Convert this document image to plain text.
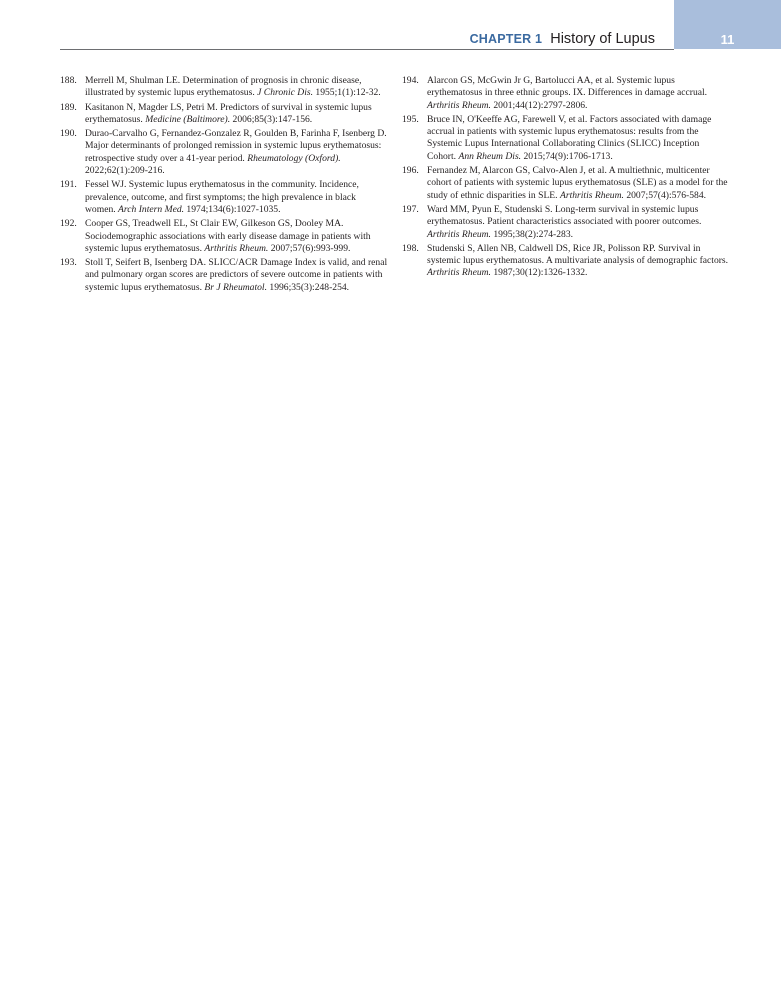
CHAPTER 1 History of Lupus	11
188. Merrell M, Shulman LE. Determination of prognosis in chronic disease, illustrated by systemic lupus erythematosus. J Chronic Dis. 1955;1(1):12-32.
189. Kasitanon N, Magder LS, Petri M. Predictors of survival in systemic lupus erythematosus. Medicine (Baltimore). 2006;85(3):147-156.
190. Durao-Carvalho G, Fernandez-Gonzalez R, Goulden B, Farinha F, Isenberg D. Major determinants of prolonged remission in systemic lupus erythematosus: retrospective study over a 41-year period. Rheumatology (Oxford). 2022;62(1):209-216.
191. Fessel WJ. Systemic lupus erythematosus in the community. Incidence, prevalence, outcome, and first symptoms; the high prevalence in black women. Arch Intern Med. 1974;134(6):1027-1035.
192. Cooper GS, Treadwell EL, St Clair EW, Gilkeson GS, Dooley MA. Sociodemographic associations with early disease damage in patients with systemic lupus erythematosus. Arthritis Rheum. 2007;57(6):993-999.
193. Stoll T, Seifert B, Isenberg DA. SLICC/ACR Damage Index is valid, and renal and pulmonary organ scores are predictors of severe outcome in patients with systemic lupus erythematosus. Br J Rheumatol. 1996;35(3):248-254.
194. Alarcon GS, McGwin Jr G, Bartolucci AA, et al. Systemic lupus erythematosus in three ethnic groups. IX. Differences in damage accrual. Arthritis Rheum. 2001;44(12):2797-2806.
195. Bruce IN, O'Keeffe AG, Farewell V, et al. Factors associated with damage accrual in patients with systemic lupus erythematosus: results from the Systemic Lupus International Collaborating Clinics (SLICC) Inception Cohort. Ann Rheum Dis. 2015;74(9):1706-1713.
196. Fernandez M, Alarcon GS, Calvo-Alen J, et al. A multiethnic, multicenter cohort of patients with systemic lupus erythematosus (SLE) as a model for the study of ethnic disparities in SLE. Arthritis Rheum. 2007;57(4):576-584.
197. Ward MM, Pyun E, Studenski S. Long-term survival in systemic lupus erythematosus. Patient characteristics associated with poorer outcomes. Arthritis Rheum. 1995;38(2):274-283.
198. Studenski S, Allen NB, Caldwell DS, Rice JR, Polisson RP. Survival in systemic lupus erythematosus. A multivariate analysis of demographic factors. Arthritis Rheum. 1987;30(12):1326-1332.
